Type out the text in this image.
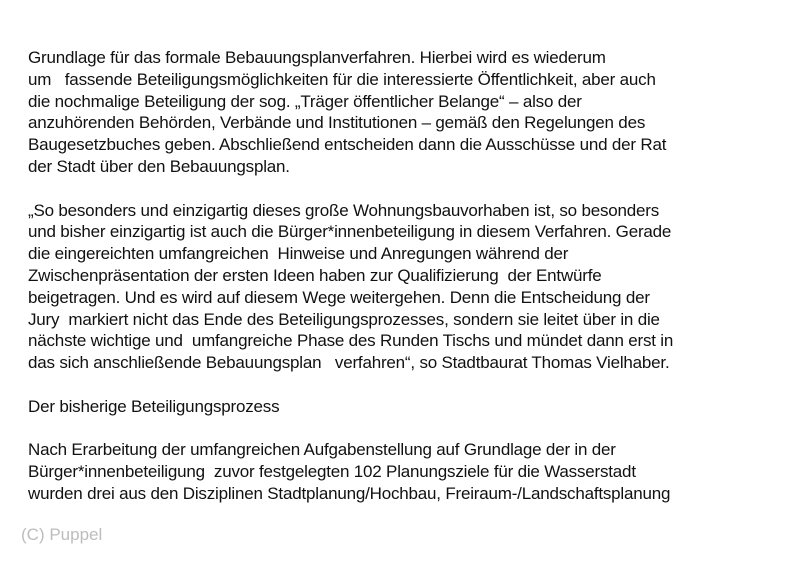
Grundlage für das formale Bebauungsplanverfahren. Hierbei wird es wiederum
um   fassende Beteiligungsmöglichkeiten für die interessierte Öffentlichkeit, aber auch
die nochmalige Beteiligung der sog. „Träger öffentlicher Belange“ – also der
anzuhörenden Behörden, Verbände und Institutionen – gemäß den Regelungen des
Baugesetzbuches geben. Abschließend entscheiden dann die Ausschüsse und der Rat
der Stadt über den Bebauungsplan.
„So besonders und einzigartig dieses große Wohnungsbauvorhaben ist, so besonders
und bisher einzigartig ist auch die Bürger*innenbeteiligung in diesem Verfahren. Gerade
die eingereichten umfangreichen  Hinweise und Anregungen während der
Zwischenpräsentation der ersten Ideen haben zur Qualifizierung  der Entwürfe
beigetragen. Und es wird auf diesem Wege weitergehen. Denn die Entscheidung der
Jury  markiert nicht das Ende des Beteiligungsprozesses, sondern sie leitet über in die
nächste wichtige und  umfangreiche Phase des Runden Tischs und mündet dann erst in
das sich anschließende Bebauungsplan   verfahren“, so Stadtbaurat Thomas Vielhaber.
Der bisherige Beteiligungsprozess
Nach Erarbeitung der umfangreichen Aufgabenstellung auf Grundlage der in der
Bürger*innenbeteiligung  zuvor festgelegten 102 Planungsziele für die Wasserstadt
wurden drei aus den Disziplinen Stadtplanung/Hochbau, Freiraum-/Landschaftsplanung
(C) Puppel
